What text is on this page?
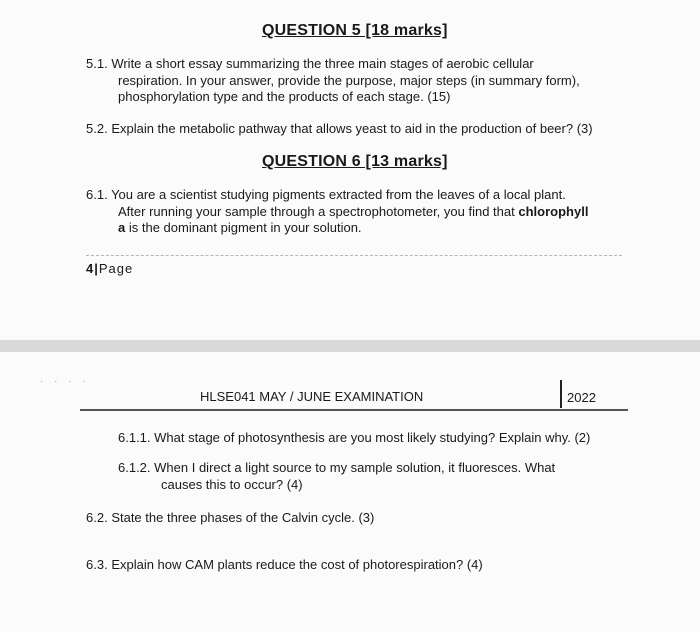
QUESTION 5 [18 marks]
5.1. Write a short essay summarizing the three main stages of aerobic cellular
respiration. In your answer, provide the purpose, major steps (in summary form),
phosphorylation type and the products of each stage. (15)
5.2. Explain the metabolic pathway that allows yeast to aid in the production of beer? (3)
QUESTION 6 [13 marks]
6.1. You are a scientist studying pigments extracted from the leaves of a local plant.
After running your sample through a spectrophotometer, you find that chlorophyll
a is the dominant pigment in your solution.
4|Page
· · · ·
HLSE041 MAY / JUNE EXAMINATION	2022
6.1.1. What stage of photosynthesis are you most likely studying? Explain why. (2)
6.1.2. When I direct a light source to my sample solution, it fluoresces. What
causes this to occur? (4)
6.2. State the three phases of the Calvin cycle. (3)
6.3. Explain how CAM plants reduce the cost of photorespiration? (4)
